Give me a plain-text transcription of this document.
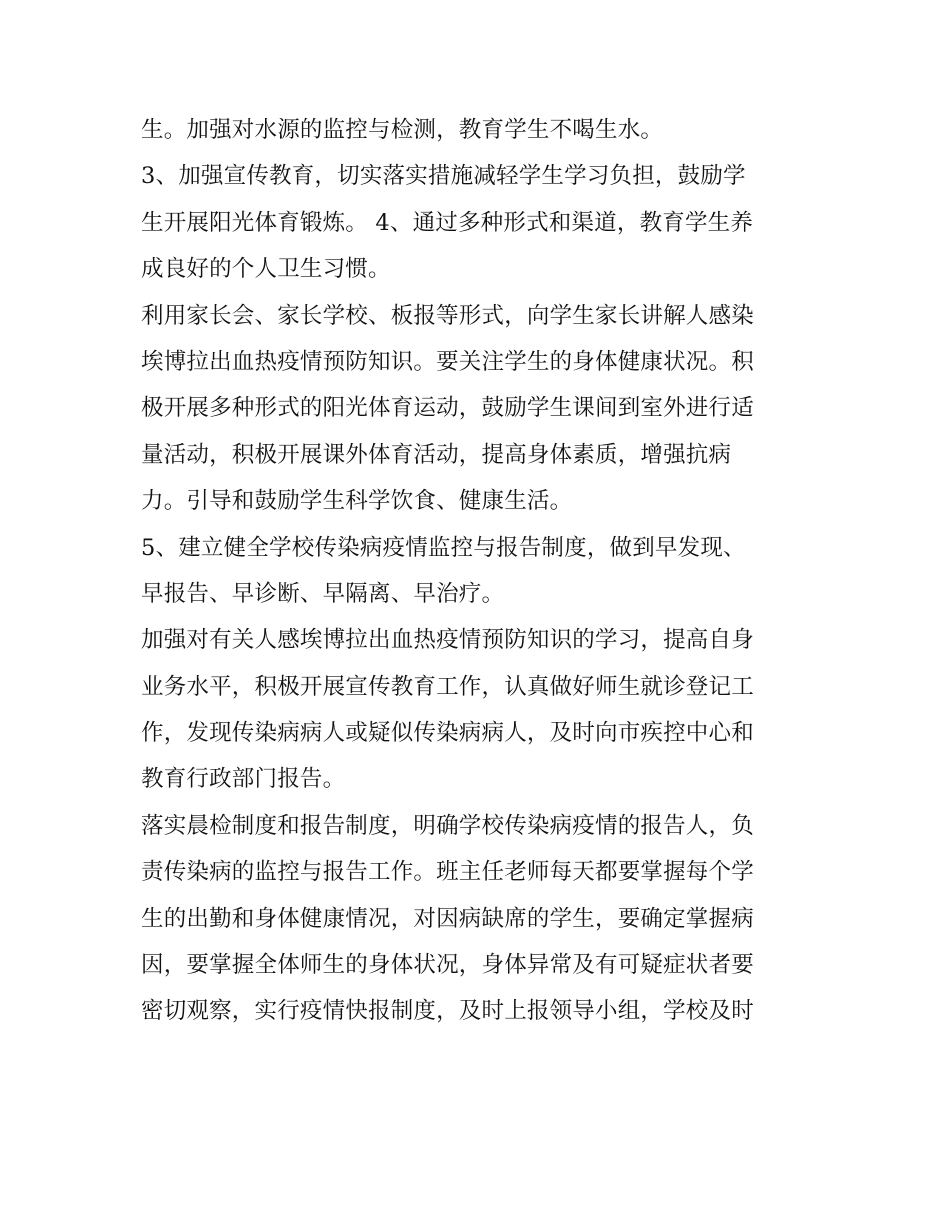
生。加强对水源的监控与检测，教育学生不喝生水。
3、加强宣传教育，切实落实措施减轻学生学习负担，鼓励学
生开展阳光体育锻炼。 4、通过多种形式和渠道，教育学生养
成良好的个人卫生习惯。
利用家长会、家长学校、板报等形式，向学生家长讲解人感染
埃博拉出血热疫情预防知识。要关注学生的身体健康状况。积
极开展多种形式的阳光体育运动，鼓励学生课间到室外进行适
量活动，积极开展课外体育活动，提高身体素质，增强抗病
力。引导和鼓励学生科学饮食、健康生活。
5、建立健全学校传染病疫情监控与报告制度，做到早发现、
早报告、早诊断、早隔离、早治疗。
加强对有关人感埃博拉出血热疫情预防知识的学习，提高自身
业务水平，积极开展宣传教育工作，认真做好师生就诊登记工
作，发现传染病病人或疑似传染病病人，及时向市疾控中心和
教育行政部门报告。
落实晨检制度和报告制度，明确学校传染病疫情的报告人，负
责传染病的监控与报告工作。班主任老师每天都要掌握每个学
生的出勤和身体健康情况，对因病缺席的学生，要确定掌握病
因，要掌握全体师生的身体状况，身体异常及有可疑症状者要
密切观察，实行疫情快报制度，及时上报领导小组，学校及时
